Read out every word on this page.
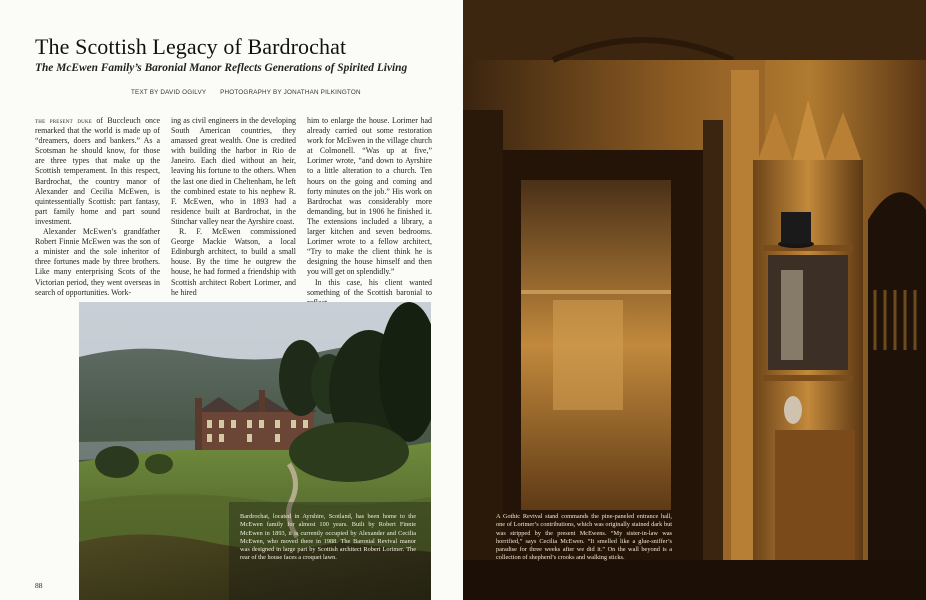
The Scottish Legacy of Bardrochat
The McEwen Family’s Baronial Manor Reflects Generations of Spirited Living
TEXT BY DAVID OGILVY PHOTOGRAPHY BY JONATHAN PILKINGTON

the present duke of Buccleuch once remarked that the world is made up of “dreamers, doers and bankers.” As a Scotsman he should know, for those are three types that make up the Scottish temperament. In this respect, Bardrochat, the country manor of Alexander and Cecilia McEwen, is quintessentially Scottish: part fantasy, part family home and part sound investment.

Alexander McEwen’s grandfather Robert Finnie McEwen was the son of a minister and the sole inheritor of three fortunes made by three brothers. Like many enterprising Scots of the Victorian period, they went overseas in search of opportunities. Work-

ing as civil engineers in the developing South American countries, they amassed great wealth. One is credited with building the harbor in Rio de Janeiro. Each died without an heir, leaving his fortune to the others. When the last one died in Cheltenham, he left the combined estate to his nephew R. F. McEwen, who in 1893 had a residence built at Bardrochat, in the Stinchar valley near the Ayrshire coast.

R. F. McEwen commissioned George Mackie Watson, a local Edinburgh architect, to build a small house. By the time he outgrew the house, he had formed a friendship with Scottish architect Robert Lorimer, and he hired

him to enlarge the house. Lorimer had already carried out some restoration work for McEwen in the village church at Colmonell. “Was up at five,” Lorimer wrote, “and down to Ayrshire to a little alteration to a church. Ten hours on the going and coming and forty minutes on the job.” His work on Bardrochat was considerably more demanding, but in 1906 he finished it. The extensions included a library, a larger kitchen and seven bedrooms. Lorimer wrote to a fellow architect, “Try to make the client think he is designing the house himself and then you will get on splendidly.”

In this case, his client wanted something of the Scottish baronial to

Bardrochat, located in Ayrshire, Scotland, has been home to the McEwen family for almost 100 years. Built by Robert Finnie McEwen in 1893, it is currently occupied by Alexander and Cecilia McEwen, who moved there in 1988. The Baronial Revival manor was designed in large part by Scottish architect Robert Lorimer. The rear of the house faces a croquet lawn.
88
A Gothic Revival stand commands the pine-paneled entrance hall, one of Lorimer’s contributions, which was originally stained dark but was stripped by the present McEwens. “My sister-in-law was horrified,” says Cecilia McEwen. “It smelled like a glue-sniffer’s paradise for three weeks after we did it.” On the wall beyond is a collection of shepherd’s crooks and walking sticks.
